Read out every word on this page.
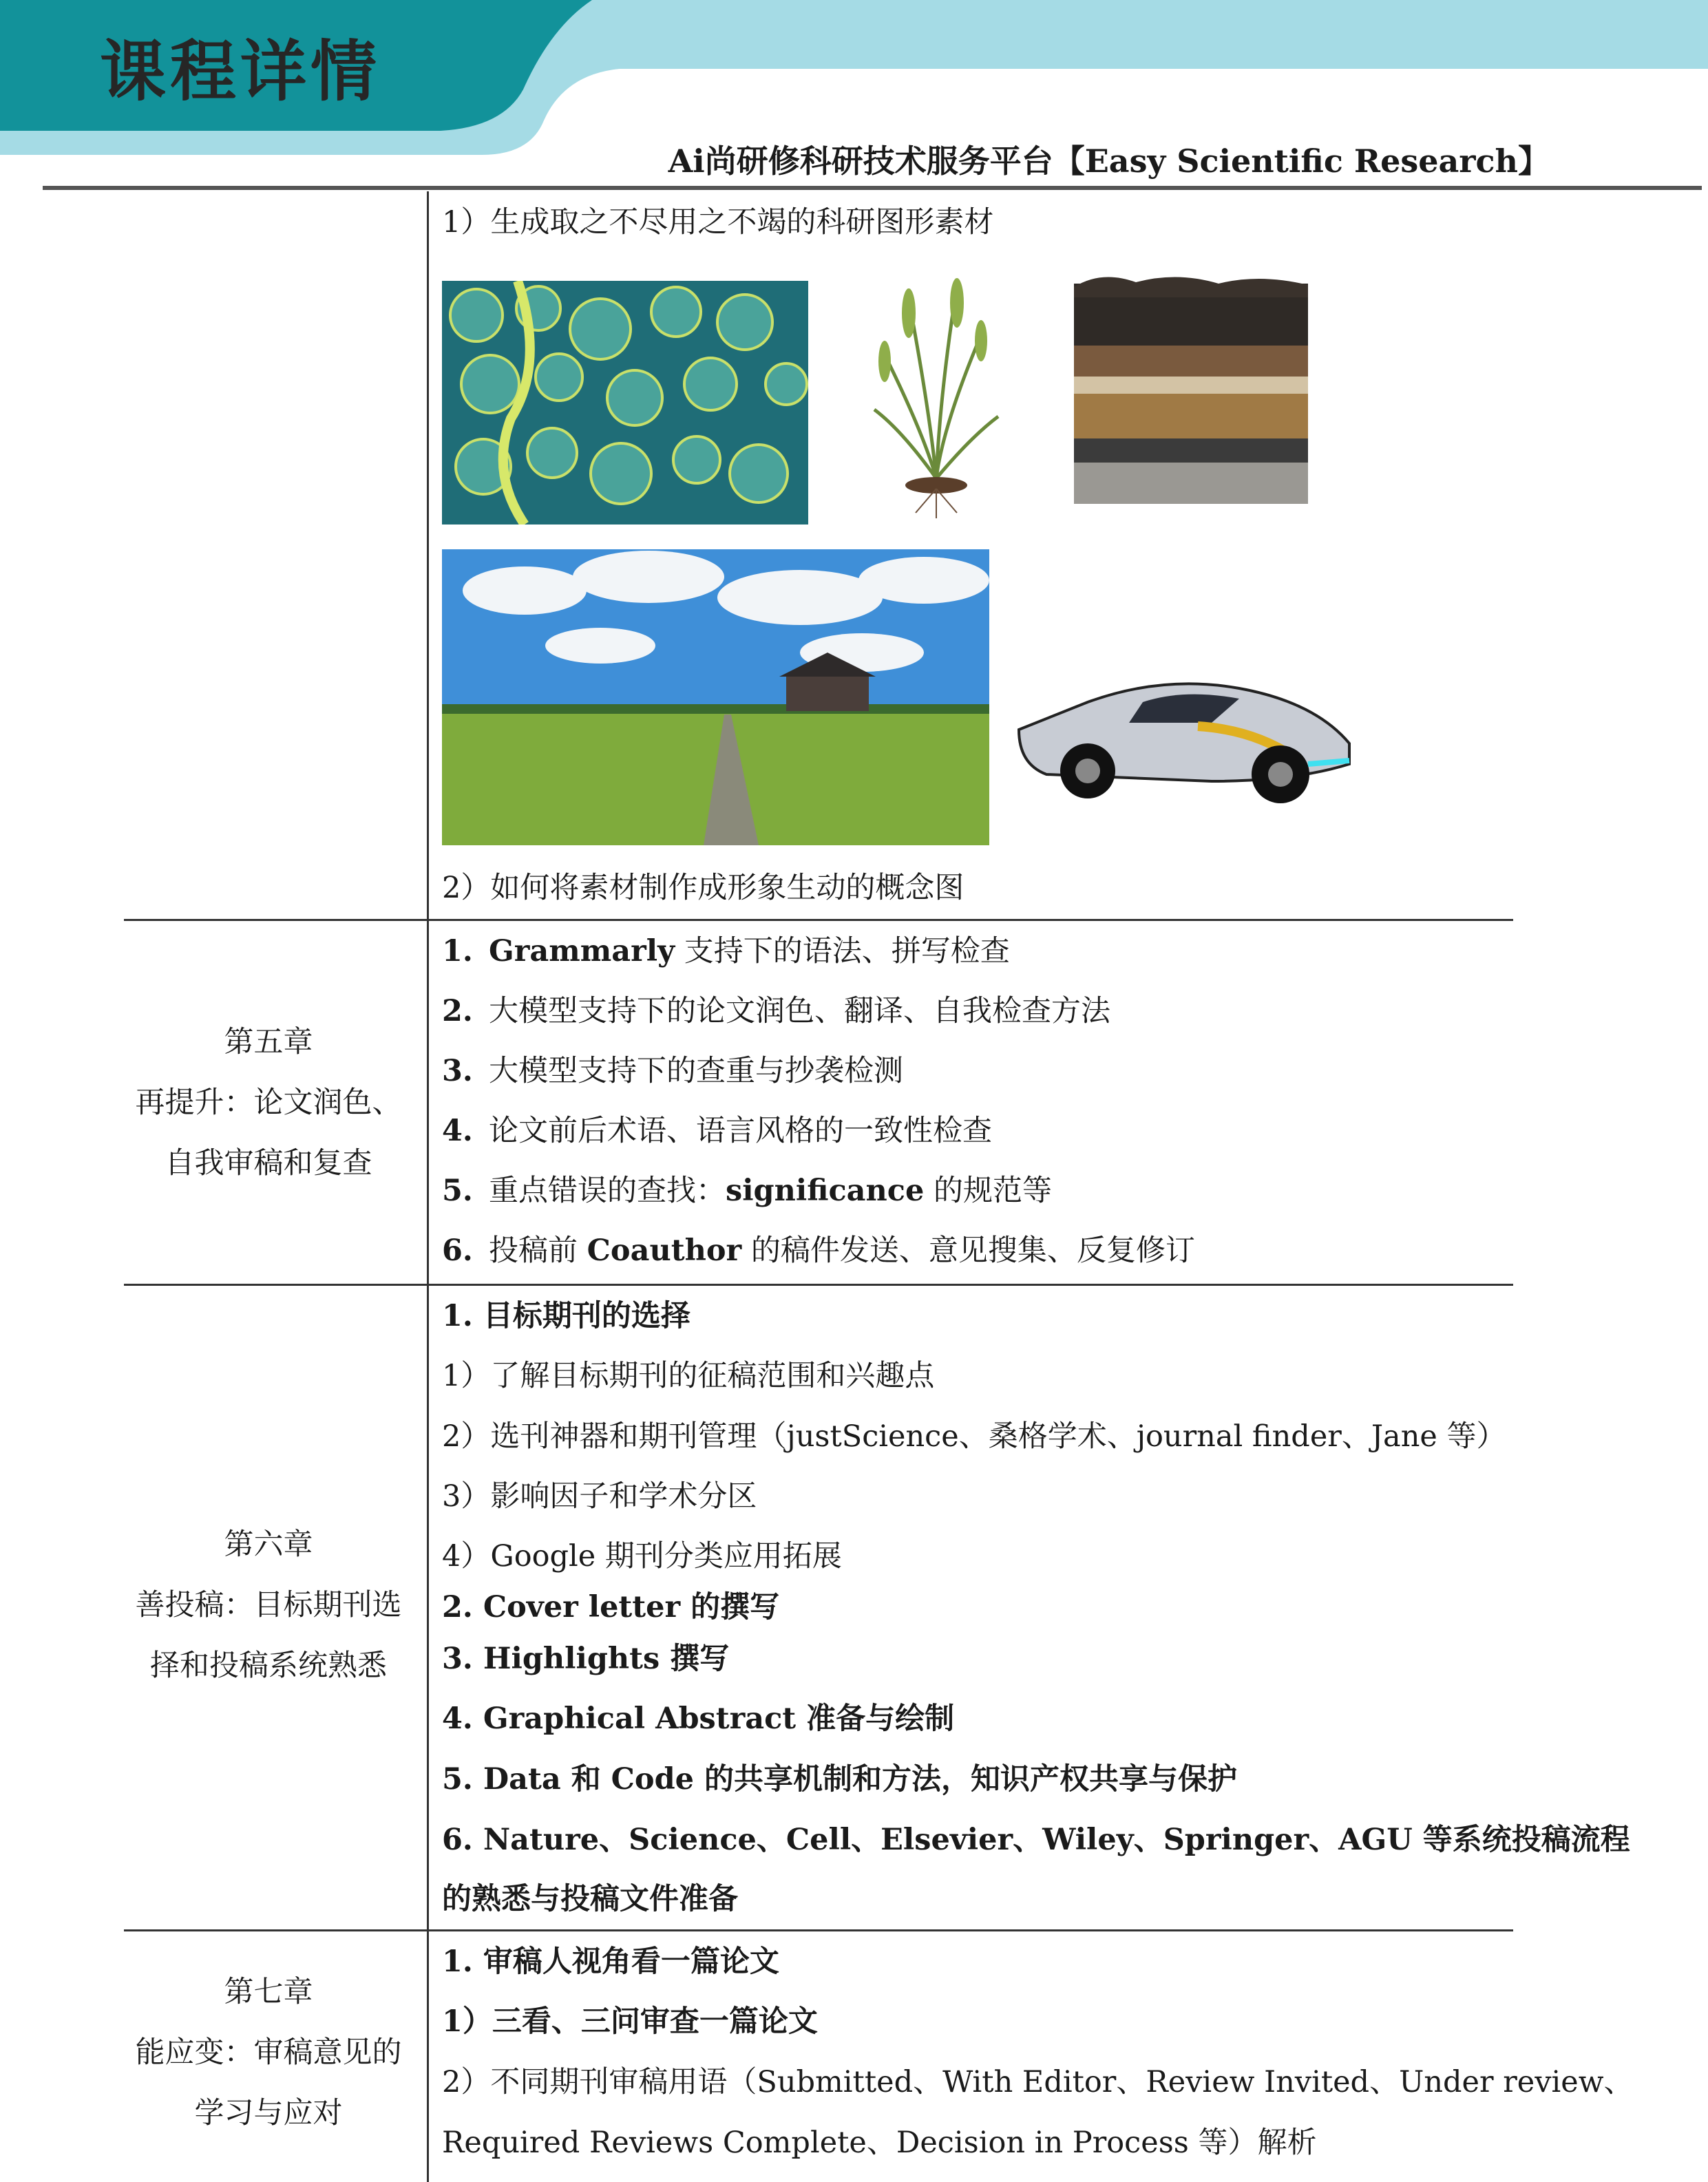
课程详情
Ai尚研修科研技术服务平台【Easy Scientific Research】
1）生成取之不尽用之不竭的科研图形素材
2）如何将素材制作成形象生动的概念图
第五章
再提升：论文润色、
自我审稿和复查
1. Grammarly 支持下的语法、拼写检查
2. 大模型支持下的论文润色、翻译、自我检查方法
3. 大模型支持下的查重与抄袭检测
4. 论文前后术语、语言风格的一致性检查
5. 重点错误的查找：significance 的规范等
6. 投稿前 Coauthor 的稿件发送、意见搜集、反复修订
第六章
善投稿：目标期刊选
择和投稿系统熟悉
1. 目标期刊的选择
1）了解目标期刊的征稿范围和兴趣点
2）选刊神器和期刊管理（justScience、桑格学术、journal finder、Jane 等）
3）影响因子和学术分区
4）Google 期刊分类应用拓展
2. Cover letter 的撰写
3. Highlights 撰写
4. Graphical Abstract 准备与绘制
5. Data 和 Code 的共享机制和方法，知识产权共享与保护
6. Nature、Science、Cell、Elsevier、Wiley、Springer、AGU 等系统投稿流程
的熟悉与投稿文件准备
第七章
能应变：审稿意见的
学习与应对
1. 审稿人视角看一篇论文
1）三看、三问审查一篇论文
2）不同期刊审稿用语（Submitted、With Editor、Review Invited、Under review、
Required Reviews Complete、Decision in Process 等）解析
